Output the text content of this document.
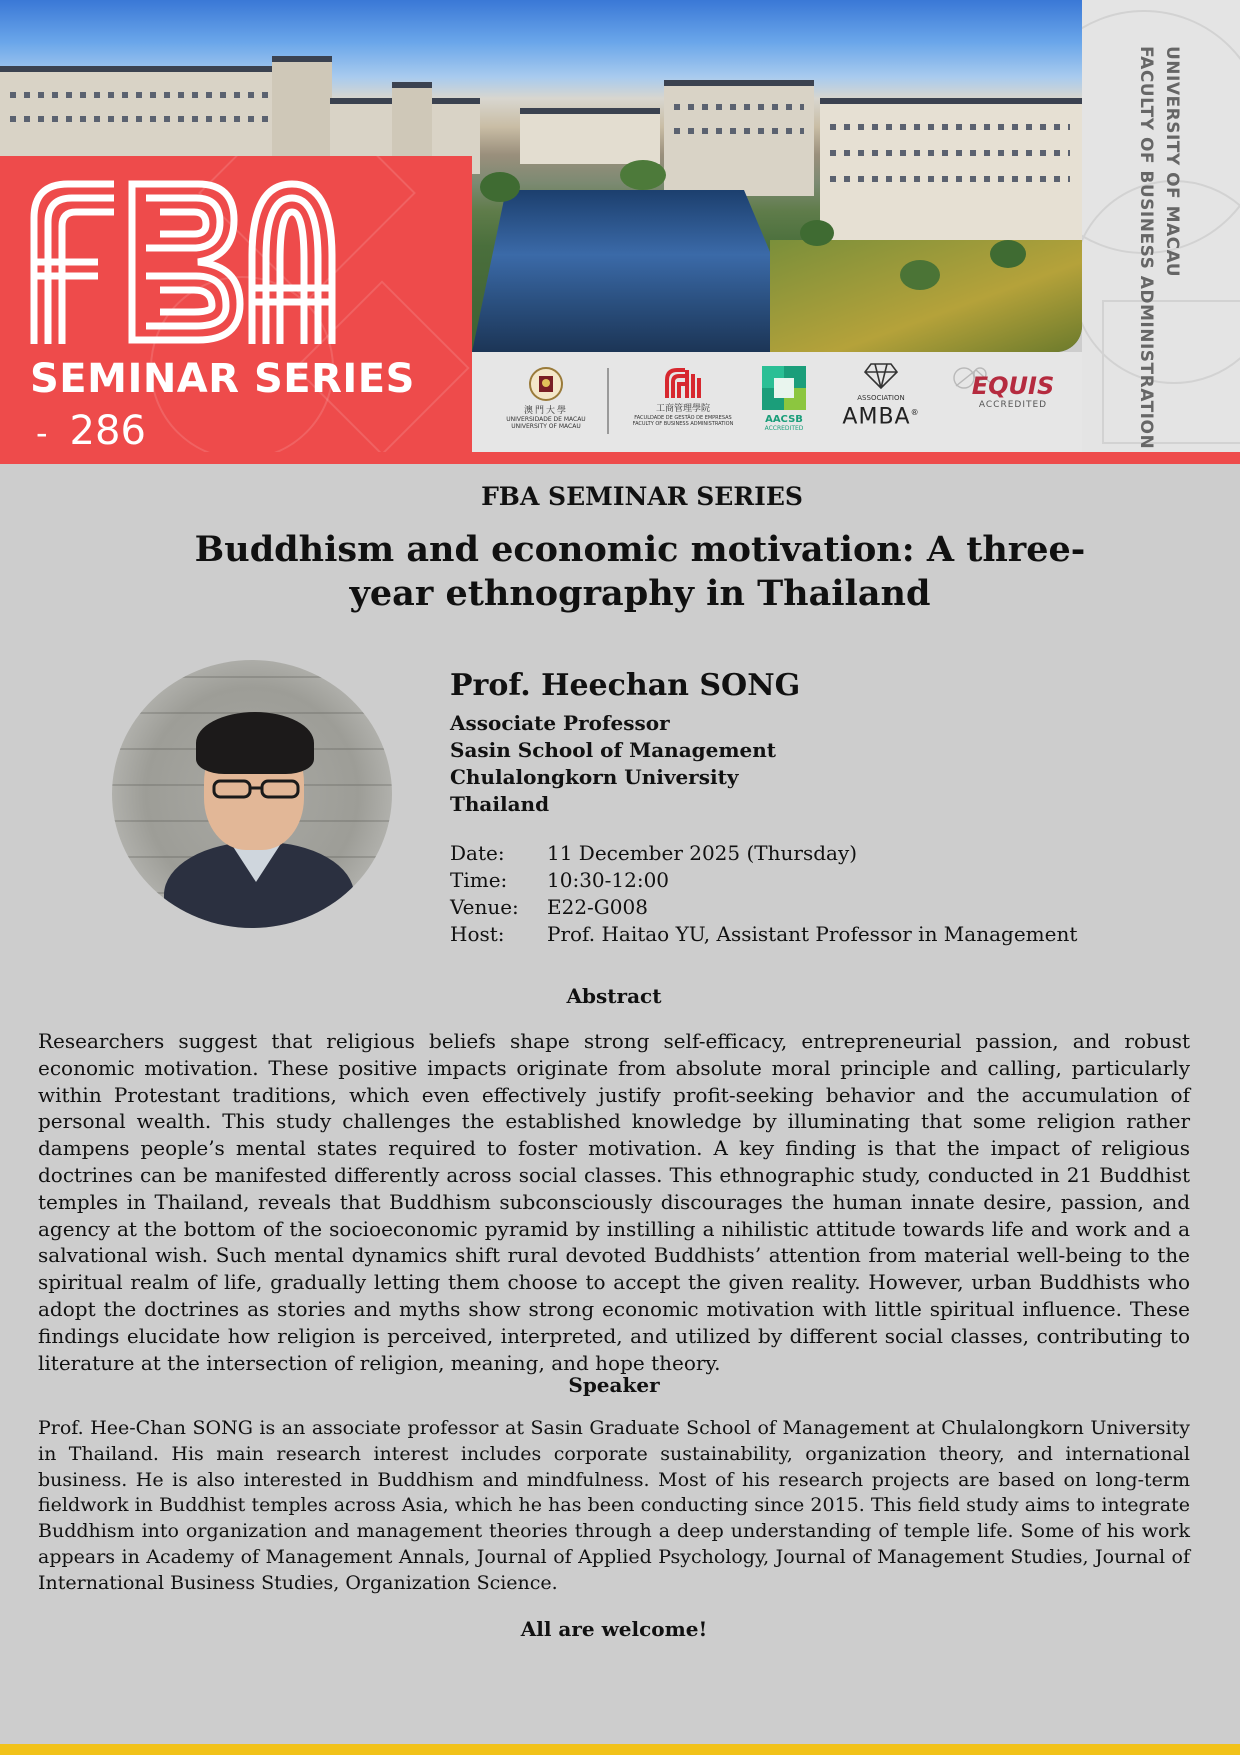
UNIVERSITY OF MACAU
FACULTY OF BUSINESS ADMINISTRATION
SEMINAR SERIES
- 286	澳門大學
UNIVERSIDADE DE MACAU
UNIVERSITY OF MACAU
工商管理學院
FACULDADE DE GESTÃO DE EMPRESAS
FACULTY OF BUSINESS ADMINISTRATION	AACSB
ACCREDITED
ASSOCIATION
AMBA®
EQUIS
ACCREDITED
FBA SEMINAR SERIES
Buddhism and economic motivation: A three-year ethnography in Thailand
Prof. Heechan SONG
Associate Professor
Sasin School of Management
Chulalongkorn University
Thailand
Date:	11 December 2025 (Thursday)
Time:	10:30-12:00
Venue:	E22-G008
Host:	Prof. Haitao YU, Assistant Professor in Management
Abstract
Researchers suggest that religious beliefs shape strong self-efficacy, entrepreneurial passion, and robust economic motivation. These positive impacts originate from absolute moral principle and calling, particularly within Protestant traditions, which even effectively justify profit-seeking behavior and the accumulation of personal wealth. This study challenges the established knowledge by illuminating that some religion rather dampens people’s mental states required to foster motivation. A key finding is that the impact of religious doctrines can be manifested differently across social classes. This ethnographic study, conducted in 21 Buddhist temples in Thailand, reveals that Buddhism subconsciously discourages the human innate desire, passion, and agency at the bottom of the socioeconomic pyramid by instilling a nihilistic attitude towards life and work and a salvational wish. Such mental dynamics shift rural devoted Buddhists’ attention from material well-being to the spiritual realm of life, gradually letting them choose to accept the given reality. However, urban Buddhists who adopt the doctrines as stories and myths show strong economic motivation with little spiritual influence. These findings elucidate how religion is perceived, interpreted, and utilized by different social classes, contributing to literature at the intersection of religion, meaning, and hope theory.
Speaker
Prof. Hee-Chan SONG is an associate professor at Sasin Graduate School of Management at Chulalongkorn University in Thailand. His main research interest includes corporate sustainability, organization theory, and international business. He is also interested in Buddhism and mindfulness. Most of his research projects are based on long-term fieldwork in Buddhist temples across Asia, which he has been conducting since 2015. This field study aims to integrate Buddhism into organization and management theories through a deep understanding of temple life. Some of his work appears in Academy of Management Annals, Journal of Applied Psychology, Journal of Management Studies, Journal of International Business Studies, Organization Science.
All are welcome!
